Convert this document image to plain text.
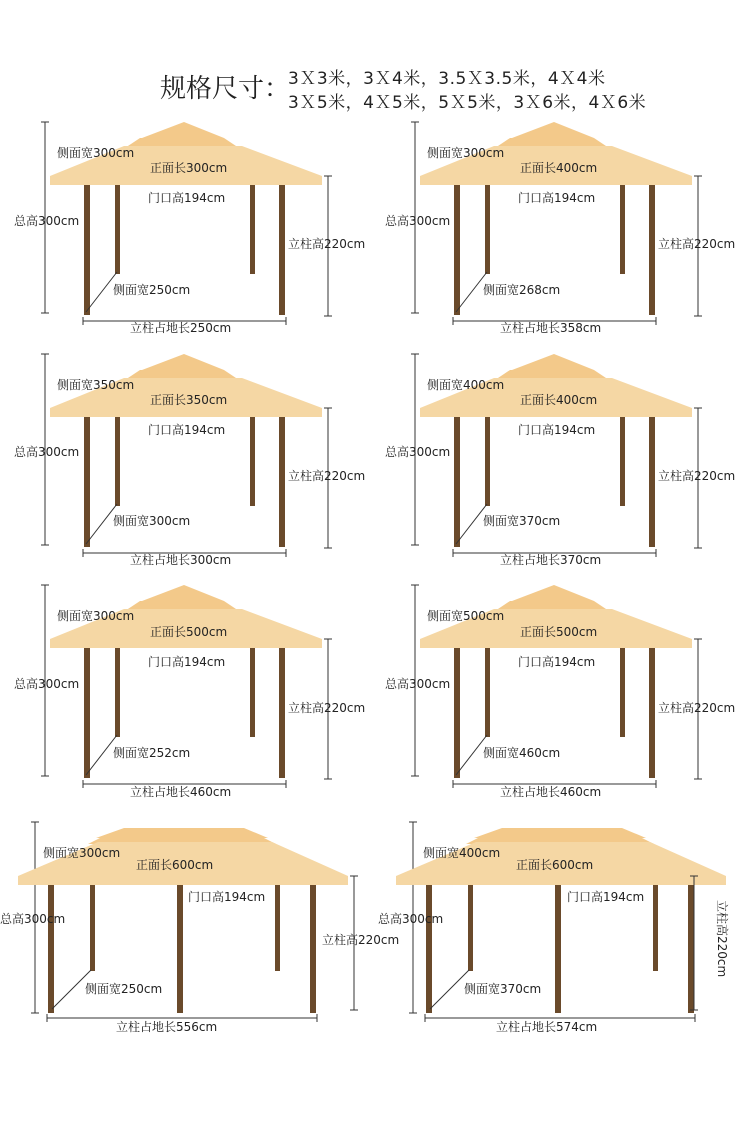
规格尺寸：
3Ｘ3米，3Ｘ4米，3.5Ｘ3.5米，4Ｘ4米
3Ｘ5米，4Ｘ5米，5Ｘ5米，3Ｘ6米，4Ｘ6米
侧面宽300cm
正面长300cm
门口高194cm
总高300cm
立柱高220cm
侧面宽250cm
立柱占地长250cm
侧面宽300cm
正面长400cm
门口高194cm
总高300cm
立柱高220cm
侧面宽268cm
立柱占地长358cm
侧面宽350cm
正面长350cm
门口高194cm
总高300cm
立柱高220cm
侧面宽300cm
立柱占地长300cm
侧面宽400cm
正面长400cm
门口高194cm
总高300cm
立柱高220cm
侧面宽370cm
立柱占地长370cm
侧面宽300cm
正面长500cm
门口高194cm
总高300cm
立柱高220cm
侧面宽252cm
立柱占地长460cm
侧面宽500cm
正面长500cm
门口高194cm
总高300cm
立柱高220cm
侧面宽460cm
立柱占地长460cm
侧面宽300cm
正面长600cm
门口高194cm
总高300cm
立柱高220cm
侧面宽250cm
立柱占地长556cm
侧面宽400cm
正面长600cm
门口高194cm
总高300cm	立柱高220cm
侧面宽370cm
立柱占地长574cm
